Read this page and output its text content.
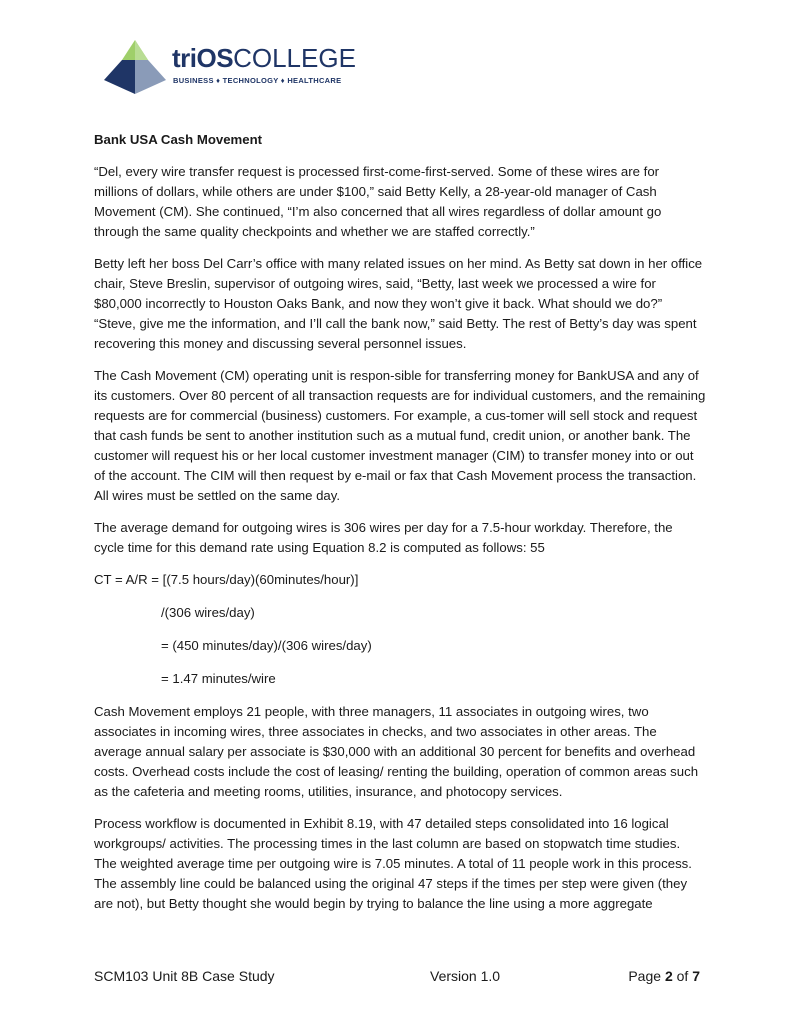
triOSCOLLEGE
BUSINESS ♦ TECHNOLOGY ♦ HEALTHCARE
Bank USA Cash Movement

“Del, every wire transfer request is processed first-come-first-served. Some of these wires are for millions of dollars, while others are under $100,” said Betty Kelly, a 28-year-old manager of Cash Movement (CM). She continued, “I’m also concerned that all wires regardless of dollar amount go through the same quality checkpoints and whether we are staffed correctly.”

Betty left her boss Del Carr’s office with many related issues on her mind. As Betty sat down in her office chair, Steve Breslin, supervisor of outgoing wires, said, “Betty, last week we processed a wire for $80,000 incorrectly to Houston Oaks Bank, and now they won’t give it back. What should we do?” “Steve, give me the information, and I’ll call the bank now,” said Betty. The rest of Betty’s day was spent recovering this money and discussing several personnel issues.

The Cash Movement (CM) operating unit is respon-sible for transferring money for BankUSA and any of its customers. Over 80 percent of all transaction requests are for individual customers, and the remaining requests are for commercial (business) customers. For example, a cus-tomer will sell stock and request that cash funds be sent to another institution such as a mutual fund, credit union, or another bank. The customer will request his or her local customer investment manager (CIM) to transfer money into or out of the account. The CIM will then request by e-mail or fax that Cash Movement process the transaction. All wires must be settled on the same day.

The average demand for outgoing wires is 306 wires per day for a 7.5-hour workday. Therefore, the cycle time for this demand rate using Equation 8.2 is computed as follows: 55

CT = A/R = [(7.5 hours/day)(60minutes/hour)]
/(306 wires/day)
= (450 minutes/day)/(306 wires/day)
= 1.47 minutes/wire

Cash Movement employs 21 people, with three managers, 11 associates in outgoing wires, two associates in incoming wires, three associates in checks, and two associates in other areas. The average annual salary per associate is $30,000 with an additional 30 percent for benefits and overhead costs. Overhead costs include the cost of leasing/ renting the building, operation of common areas such as the cafeteria and meeting rooms, utilities, insurance, and photocopy services.

Process workflow is documented in Exhibit 8.19, with 47 detailed steps consolidated into 16 logical workgroups/ activities. The processing times in the last column are based on stopwatch time studies. The weighted average time per outgoing wire is 7.05 minutes. A total of 11 people work in this process. The assembly line could be balanced using the original 47 steps if the times per step were given (they are not), but Betty thought she would begin by trying to balance the line using a more aggregate

SCM103 Unit 8B Case Study	Version 1.0	Page 2 of 7
